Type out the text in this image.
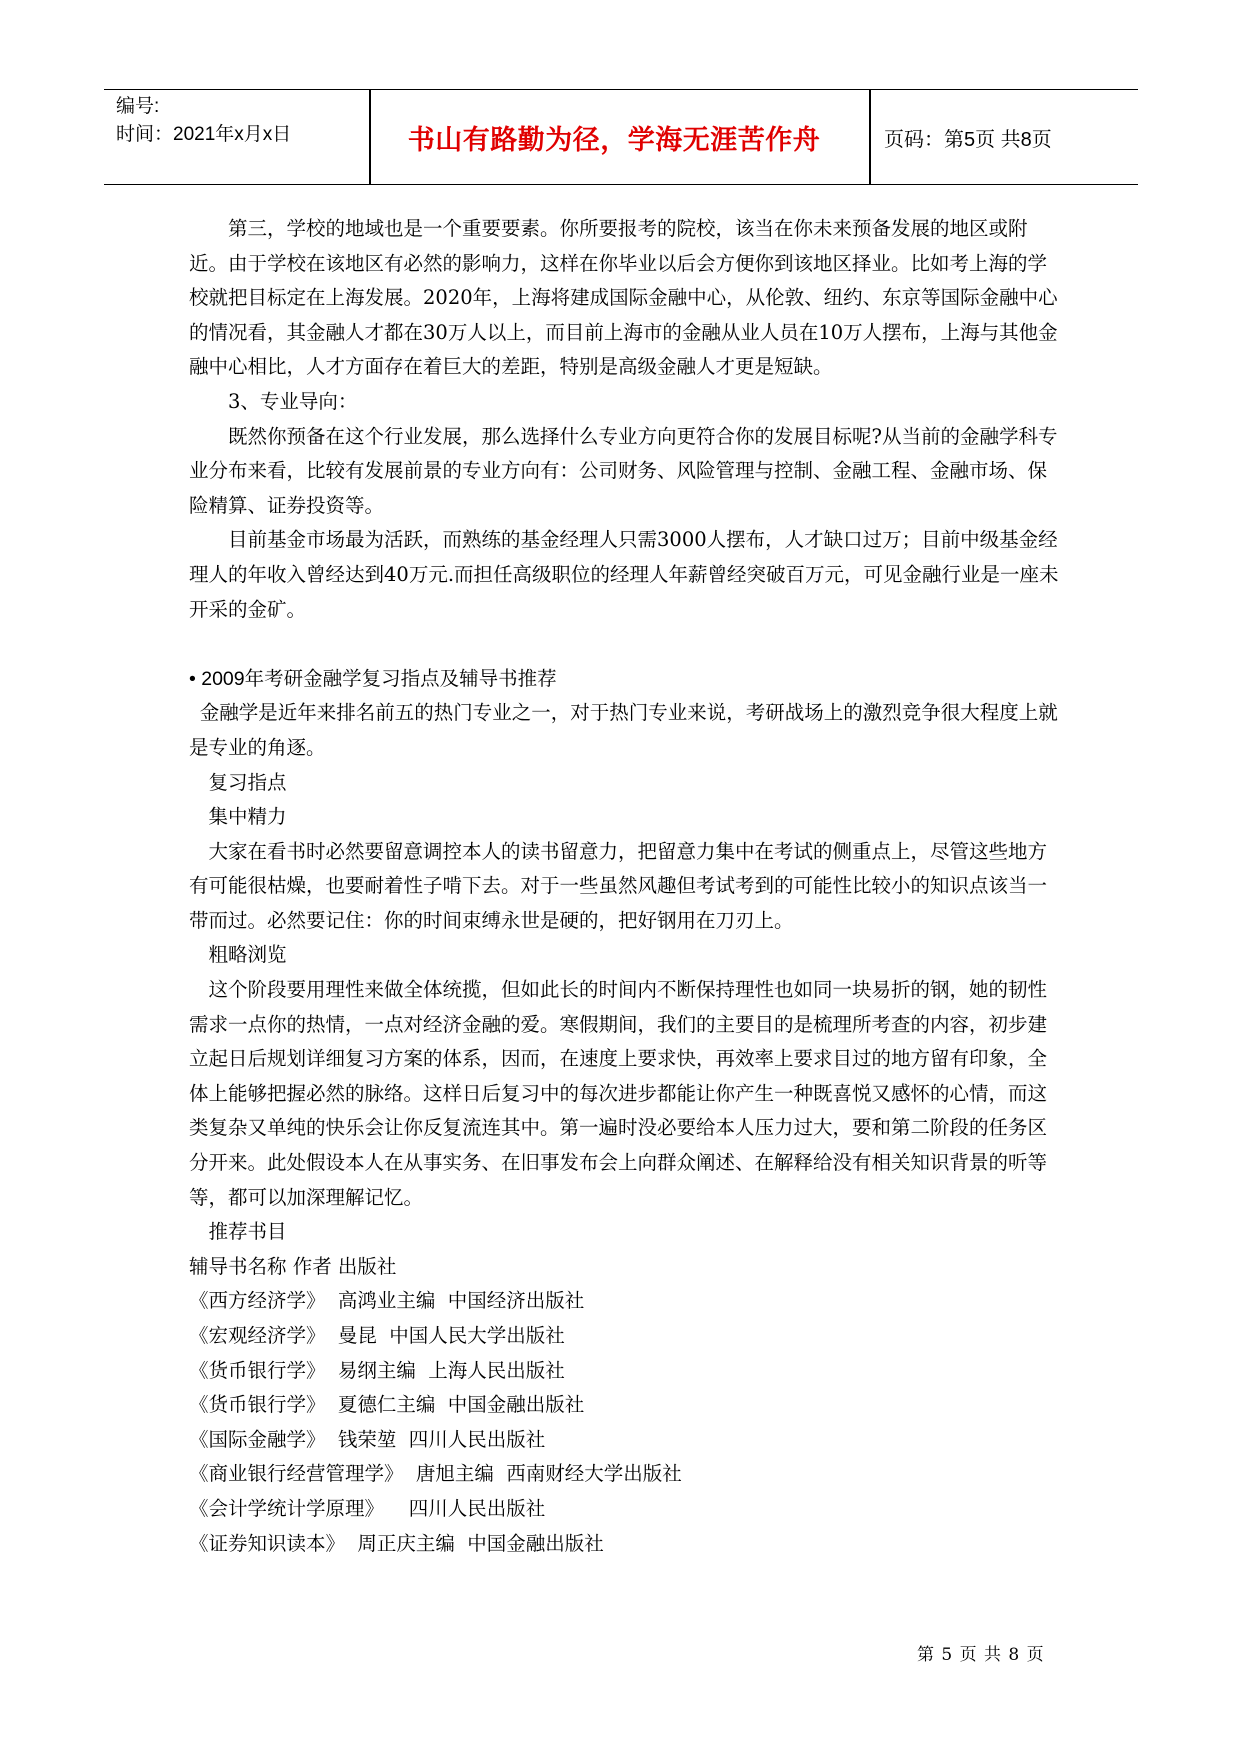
编号:
时间：2021年x月x日	书山有路勤为径，学海无涯苦作舟	页码：第5页 共8页

第三，学校的地域也是一个重要要素。你所要报考的院校，该当在你未来预备发展的地区或附近。由于学校在该地区有必然的影响力，这样在你毕业以后会方便你到该地区择业。比如考上海的学校就把目标定在上海发展。2020年，上海将建成国际金融中心，从伦敦、纽约、东京等国际金融中心的情况看，其金融人才都在30万人以上，而目前上海市的金融从业人员在10万人摆布，上海与其他金融中心相比，人才方面存在着巨大的差距，特别是高级金融人才更是短缺。

3、专业导向：

既然你预备在这个行业发展，那么选择什么专业方向更符合你的发展目标呢?从当前的金融学科专业分布来看，比较有发展前景的专业方向有：公司财务、风险管理与控制、金融工程、金融市场、保险精算、证券投资等。

目前基金市场最为活跃，而熟练的基金经理人只需3000人摆布，人才缺口过万；目前中级基金经理人的年收入曾经达到40万元.而担任高级职位的经理人年薪曾经突破百万元，可见金融行业是一座未开采的金矿。

• 2009年考研金融学复习指点及辅导书推荐

金融学是近年来排名前五的热门专业之一，对于热门专业来说，考研战场上的激烈竞争很大程度上就是专业的角逐。

复习指点

集中精力

大家在看书时必然要留意调控本人的读书留意力，把留意力集中在考试的侧重点上，尽管这些地方有可能很枯燥，也要耐着性子啃下去。对于一些虽然风趣但考试考到的可能性比较小的知识点该当一带而过。必然要记住：你的时间束缚永世是硬的，把好钢用在刀刃上。

粗略浏览

这个阶段要用理性来做全体统揽，但如此长的时间内不断保持理性也如同一块易折的钢，她的韧性需求一点你的热情，一点对经济金融的爱。寒假期间，我们的主要目的是梳理所考查的内容，初步建立起日后规划详细复习方案的体系，因而，在速度上要求快，再效率上要求目过的地方留有印象，全体上能够把握必然的脉络。这样日后复习中的每次进步都能让你产生一种既喜悦又感怀的心情，而这类复杂又单纯的快乐会让你反复流连其中。第一遍时没必要给本人压力过大，要和第二阶段的任务区分开来。此处假设本人在从事实务、在旧事发布会上向群众阐述、在解释给没有相关知识背景的听等等，都可以加深理解记忆。

推荐书目

辅导书名称 作者 出版社

《西方经济学》  高鸿业主编  中国经济出版社

《宏观经济学》  曼昆  中国人民大学出版社

《货币银行学》  易纲主编  上海人民出版社

《货币银行学》  夏德仁主编  中国金融出版社

《国际金融学》  钱荣堃  四川人民出版社

《商业银行经营管理学》  唐旭主编  西南财经大学出版社

《会计学统计学原理》    四川人民出版社

《证券知识读本》  周正庆主编  中国金融出版社

第 5 页 共 8 页
